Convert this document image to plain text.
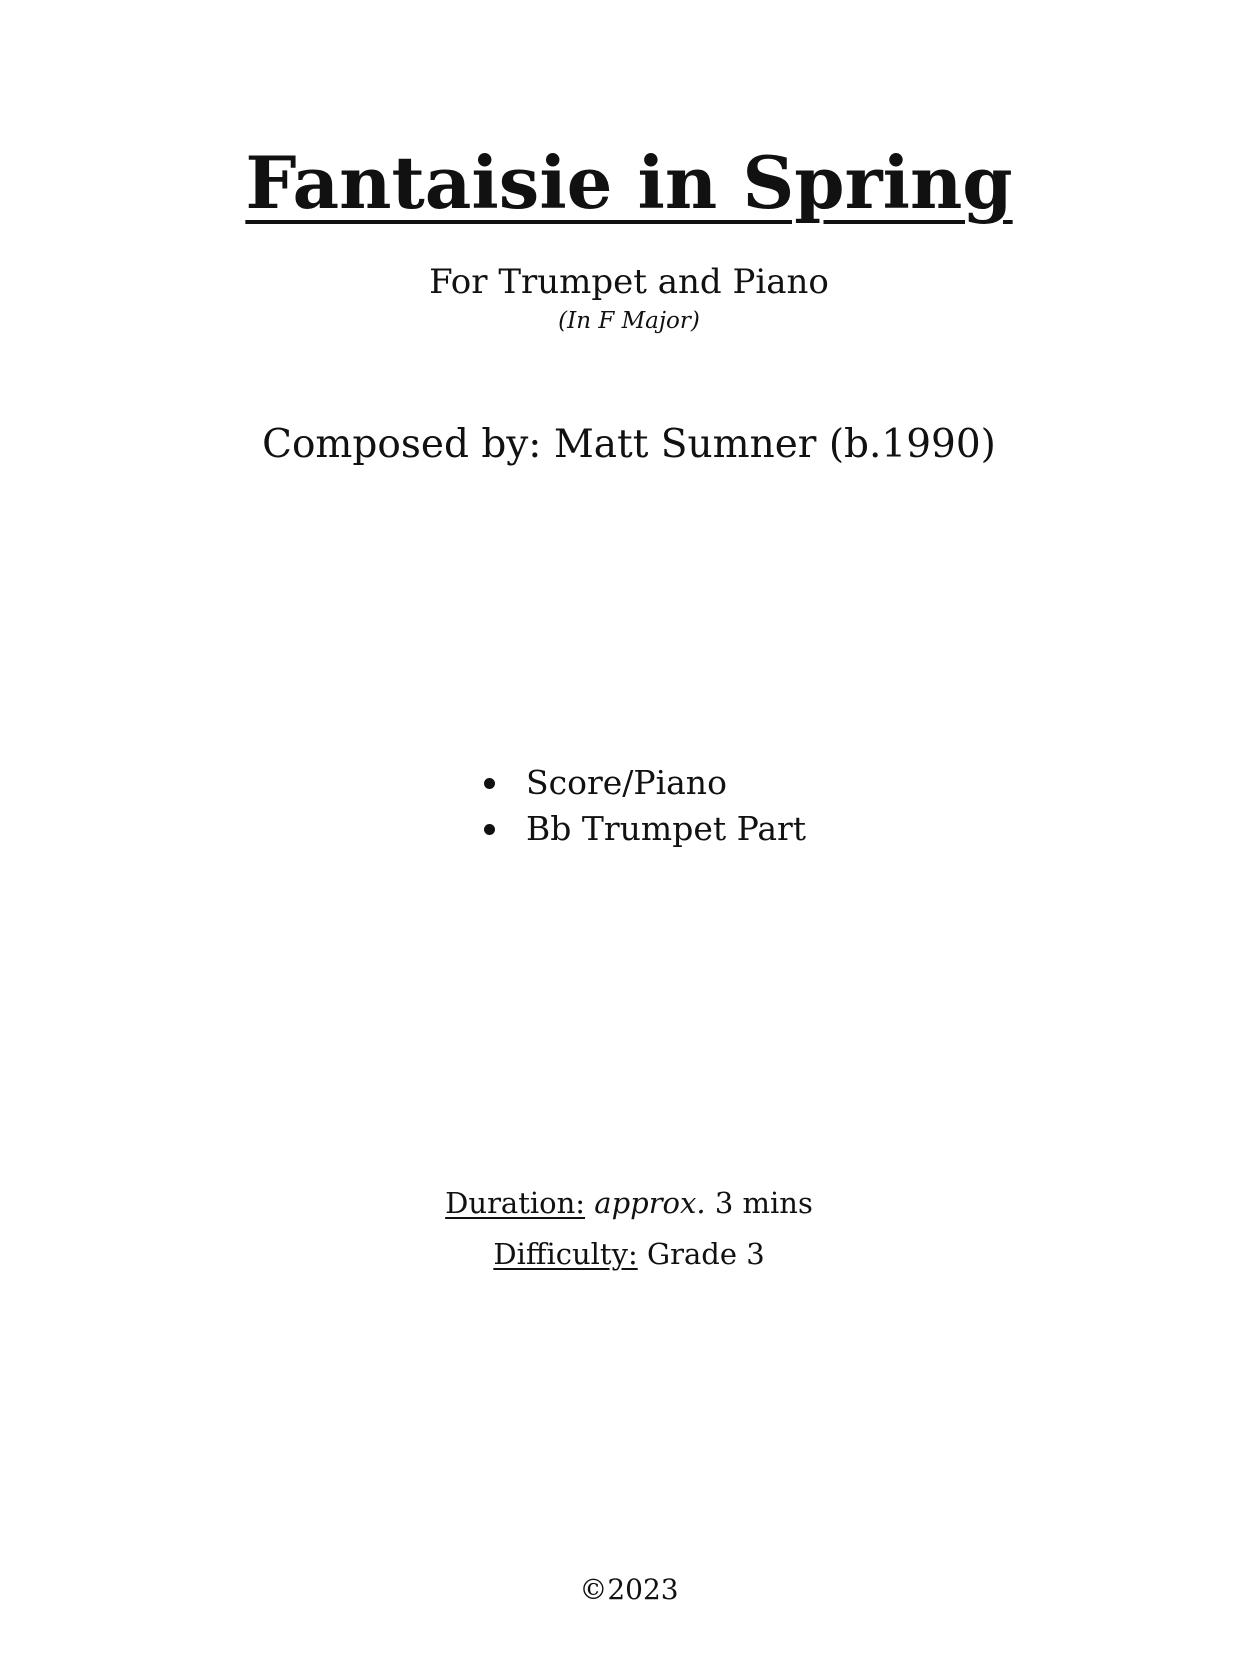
Fantaisie in Spring
For Trumpet and Piano
(In F Major)
Composed by: Matt Sumner (b.1990)
Score/Piano
Bb Trumpet Part
Duration: approx. 3 mins
Difficulty: Grade 3
©2023
